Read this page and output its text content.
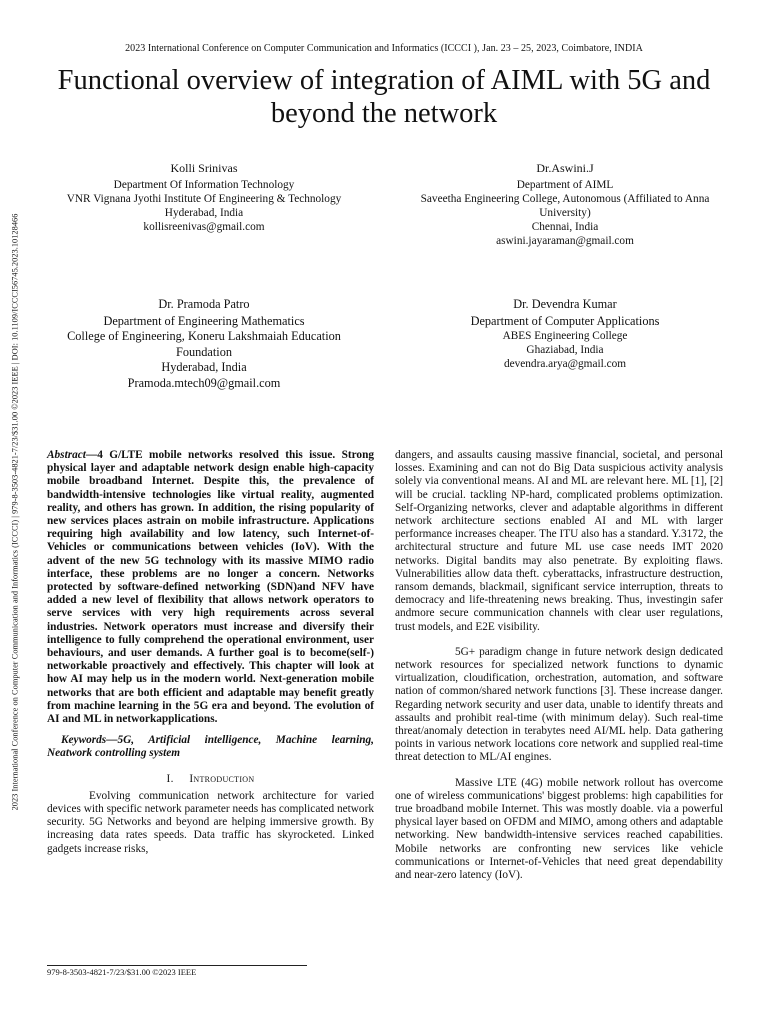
2023 International Conference on Computer Communication and Informatics (ICCCI ), Jan. 23 – 25, 2023, Coimbatore, INDIA
Functional overview of integration of AIML with 5G and beyond the network
Kolli Srinivas
Department Of Information Technology
VNR Vignana Jyothi Institute Of Engineering & Technology
Hyderabad, India
kollisreenivas@gmail.com
Dr.Aswini.J
Department of AIML
Saveetha Engineering College, Autonomous (Affiliated to Anna University)
Chennai, India
aswini.jayaraman@gmail.com
Dr. Pramoda Patro
Department of Engineering Mathematics
College of Engineering, Koneru Lakshmaiah Education Foundation
Hyderabad, India
Pramoda.mtech09@gmail.com
Dr. Devendra Kumar
Department of Computer Applications
ABES Engineering College
Ghaziabad, India
devendra.arya@gmail.com
2023 International Conference on Computer Communication and Informatics (ICCCI) | 979-8-3503-4821-7/23/$31.00 ©2023 IEEE | DOI: 10.1109/ICCCI56745.2023.10128466 Abstract—4 G/LTE mobile networks resolved this issue. Strong physical layer and adaptable network design enable high-capacity mobile broadband Internet. Despite this, the prevalence of bandwidth-intensive technologies like virtual reality, augmented reality, and others has grown. In addition, the rising popularity of new services places astrain on mobile infrastructure. Applications requiring high availability and low latency, such Internet-of-Vehicles or communications between vehicles (IoV). With the advent of the new 5G technology with its massive MIMO radio interface, these problems are no longer a concern. Networks protected by software-defined networking (SDN)and NFV have added a new level of flexibility that allows network operators to serve services with very high requirements across several industries. Network operators must increase and diversify their intelligence to fully comprehend the operational environment, user behaviours, and user demands. A further goal is to become(self-) networkable proactively and effectively. This chapter will look at how AI may help us in the modern world. Next-generation mobile networks that are both efficient and adaptable may benefit greatly from machine learning in the 5G era and beyond. The evolution of AI and ML in networkapplications.

Keywords—5G, Artificial intelligence, Machine learning, Neatwork controlling system

I. Introduction

Evolving communication network architecture for varied devices with specific network parameter needs has complicated network security. 5G Networks and beyond are helping immersive growth. By increasing data rates speeds. Data traffic has skyrocketed. Linked gadgets increase risks,

dangers, and assaults causing massive financial, societal, and personal losses. Examining and can not do Big Data suspicious activity analysis solely via conventional means. AI and ML are relevant here. ML [1], [2] will be crucial. tackling NP-hard, complicated problems optimization. Self-Organizing networks, clever and adaptable algorithms in different network architecture sections enabled AI and ML with larger performance increases cheaper. The ITU also has a standard. Y.3172, the architectural structure and future ML use case needs IMT 2020 networks. Digital bandits may also penetrate. By exploiting flaws. Vulnerabilities allow data theft. cyberattacks, infrastructure destruction, ransom demands, blackmail, significant service interruption, threats to democracy and life-threatening news breaking. Thus, investingin safer andmore secure communication channels with clear user regulations, trust models, and E2E visibility.

5G+ paradigm change in future network design dedicated network resources for specialized network functions to dynamic virtualization, cloudification, orchestration, automation, and software nation of common/shared network functions [3]. These increase danger. Regarding network security and user data, unable to identify threats and assaults and prohibit real-time (with minimum delay). Such real-time threat/anomaly detection in terabytes need AI/ML help. Data gathering points in various network locations core network and supplied real-time threat detection to ML/AI engines.

Massive LTE (4G) mobile network rollout has overcome one of wireless communications' biggest problems: high capabilities for true broadband mobile Internet. This was mostly doable. via a powerful physical layer based on OFDM and MIMO, among others and adaptable networking. New bandwidth-intensive services reached capabilities. Mobile networks are confronting new services like vehicle communications or Internet-of-Vehicles that need great dependability and near-zero latency (IoV).

979-8-3503-4821-7/23/$31.00 ©2023 IEEE
